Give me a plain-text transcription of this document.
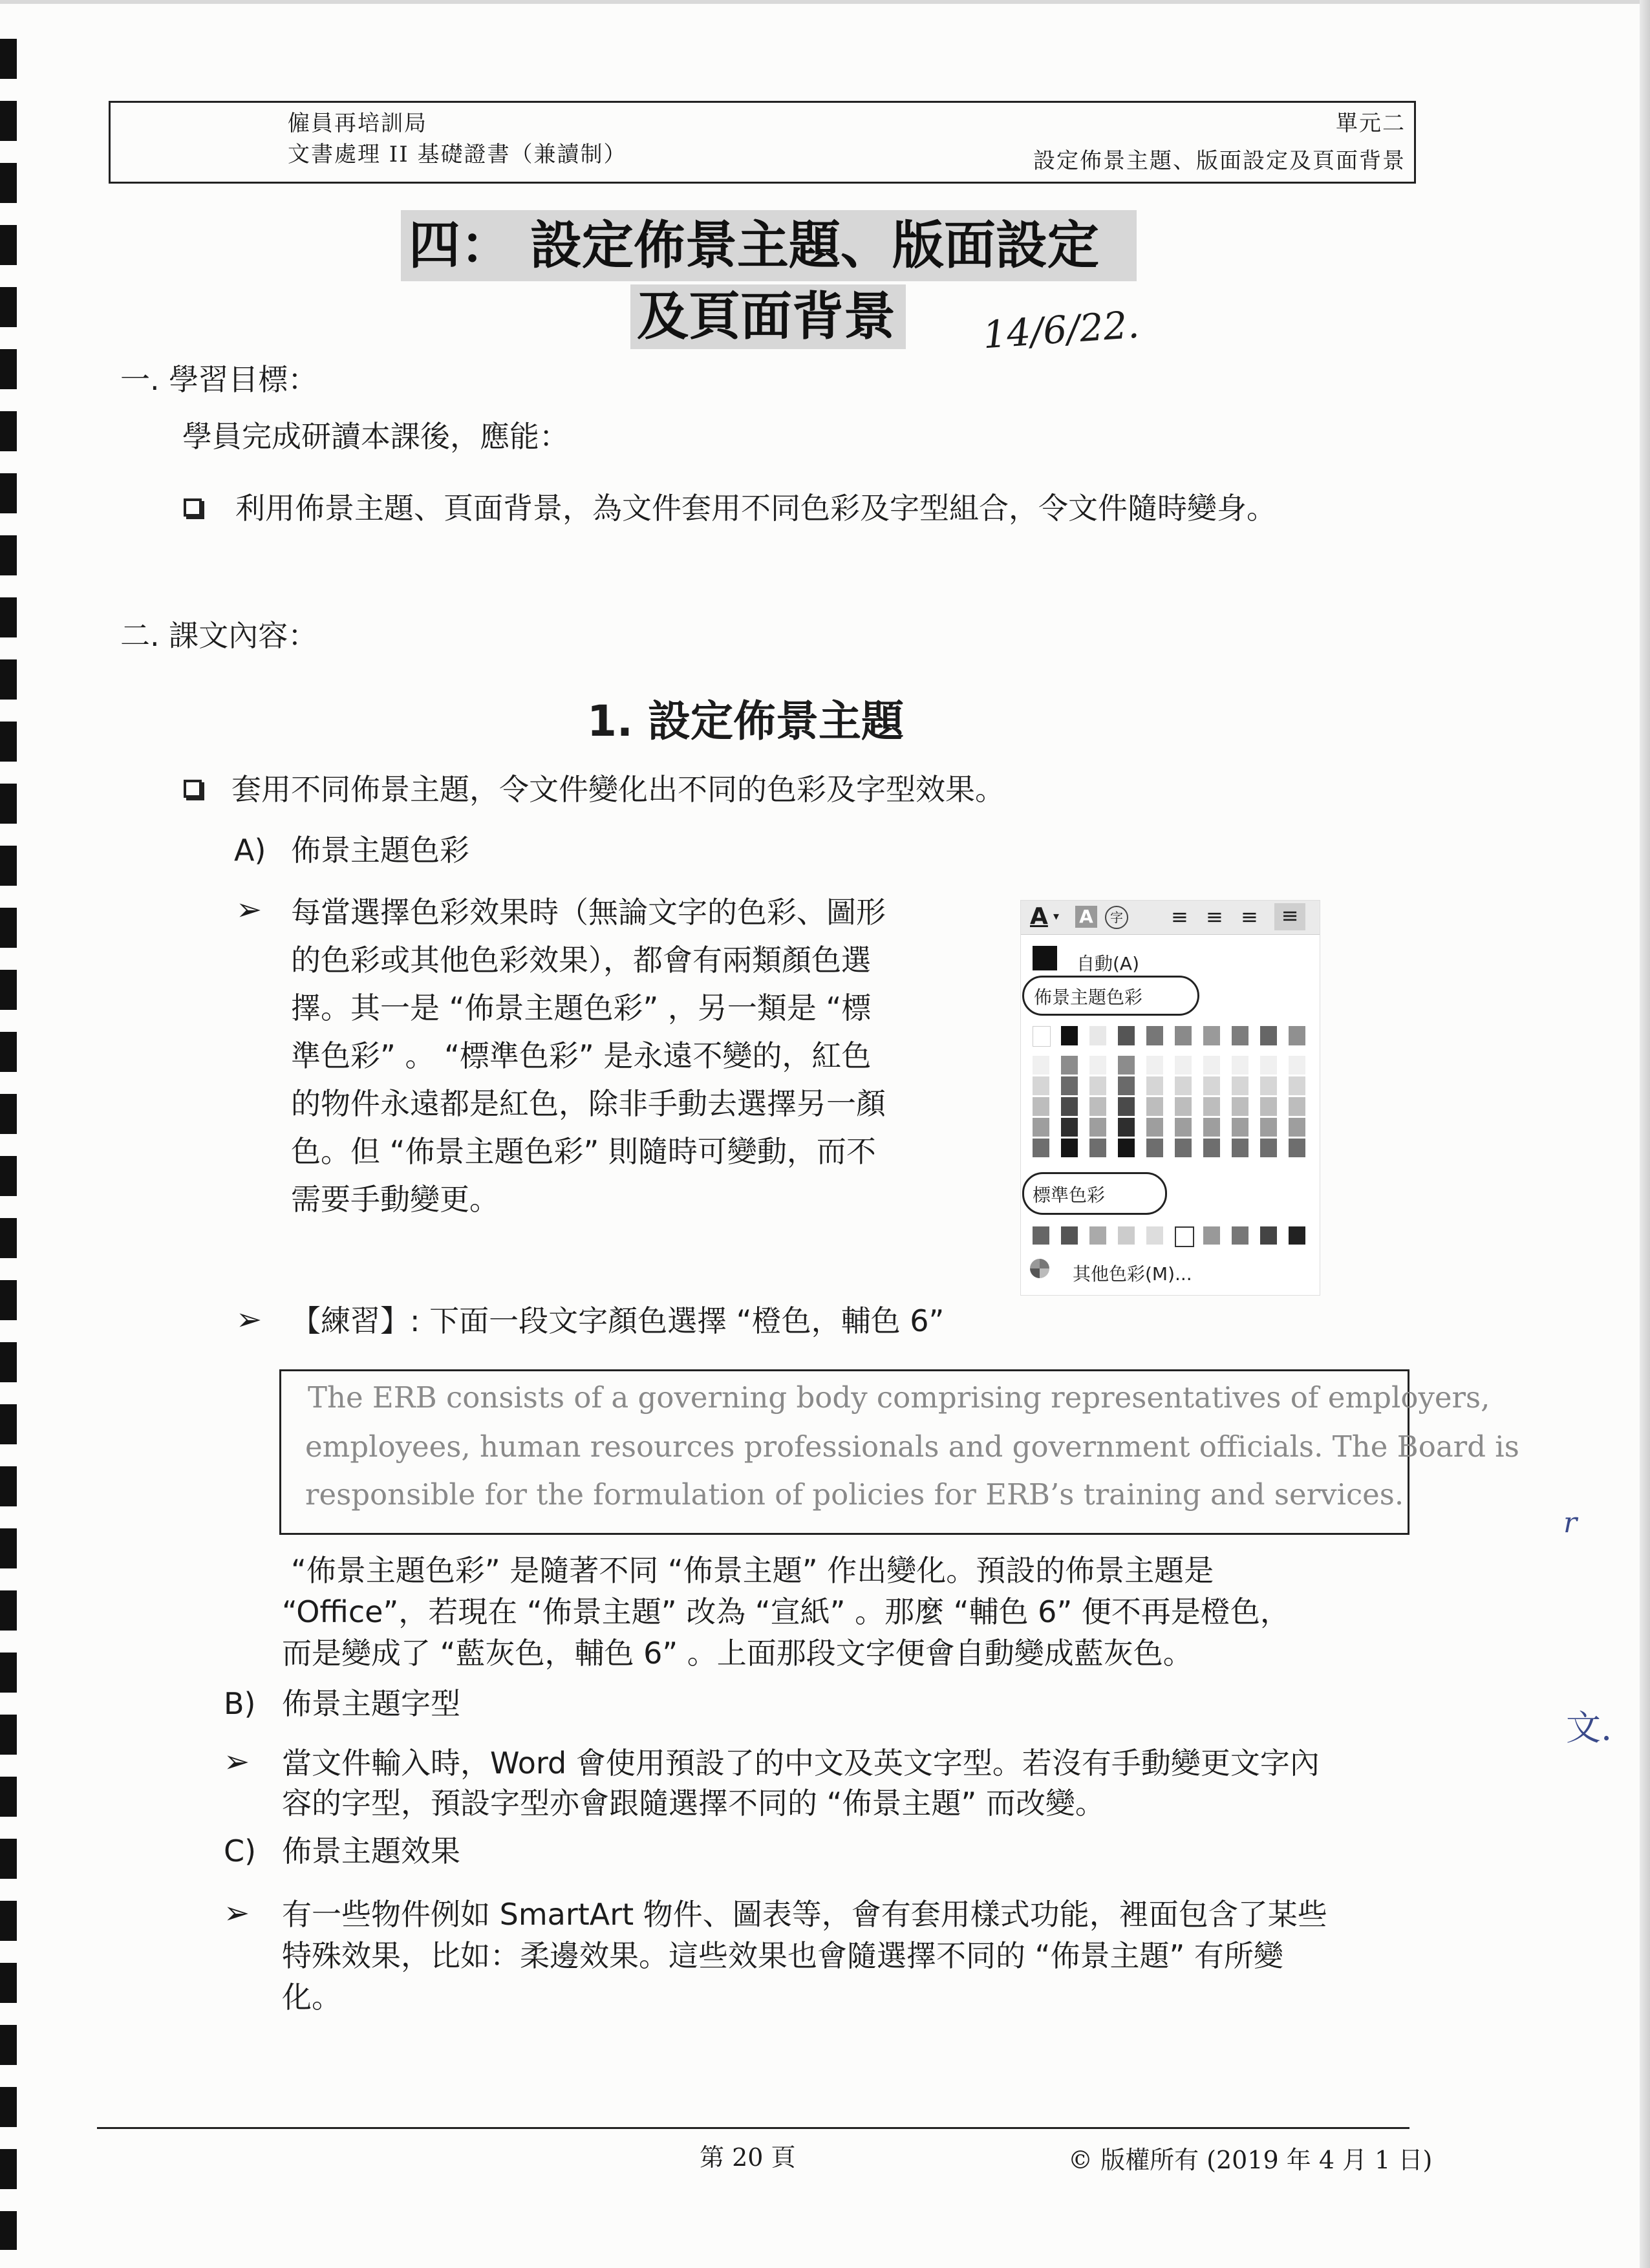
僱員再培訓局
文書處理 II 基礎證書（兼讀制）
單元二
設定佈景主題、版面設定及頁面背景
四： 設定佈景主題、版面設定
及頁面背景 14/6/22.
一. 學習目標：
學員完成研讀本課後，應能：
利用佈景主題、頁面背景，為文件套用不同色彩及字型組合，令文件隨時變身。
二. 課文內容：
1. 設定佈景主題
套用不同佈景主題，令文件變化出不同的色彩及字型效果。
A) 佈景主題色彩
➢ 每當選擇色彩效果時（無論文字的色彩、圖形
的色彩或其他色彩效果），都會有兩類顏色選
擇。其一是 “佈景主題色彩” ，另一類是 “標
準色彩” 。 “標準色彩” 是永遠不變的，紅色
的物件永遠都是紅色，除非手動去選擇另一顏
色。但 “佈景主題色彩” 則隨時可變動，而不
需要手動變更。
A ▾ A	字 ≡ ≡ ≡	≡
自動(A)
佈景主題色彩
標準色彩
其他色彩(M)...
➢ 【練習】: 下面一段文字顏色選擇 “橙色，輔色 6”
The ERB consists of a governing body comprising representatives of employers,
employees, human resources professionals and government officials. The Board is
responsible for the formulation of policies for ERB’s training and services.
“佈景主題色彩” 是隨著不同 “佈景主題” 作出變化。預設的佈景主題是
“Office”，若現在 “佈景主題” 改為 “宣紙” 。那麼 “輔色 6” 便不再是橙色，
而是變成了 “藍灰色，輔色 6” 。上面那段文字便會自動變成藍灰色。
B) 佈景主題字型
➢ 當文件輸入時，Word 會使用預設了的中文及英文字型。若沒有手動變更文字內
容的字型，預設字型亦會跟隨選擇不同的 “佈景主題” 而改變。
C) 佈景主題效果
➢ 有一些物件例如 SmartArt 物件、圖表等，會有套用樣式功能，裡面包含了某些
特殊效果，比如：柔邊效果。這些效果也會隨選擇不同的 “佈景主題” 有所變
化。
r
文.
第 20 頁	© 版權所有 (2019 年 4 月 1 日)
